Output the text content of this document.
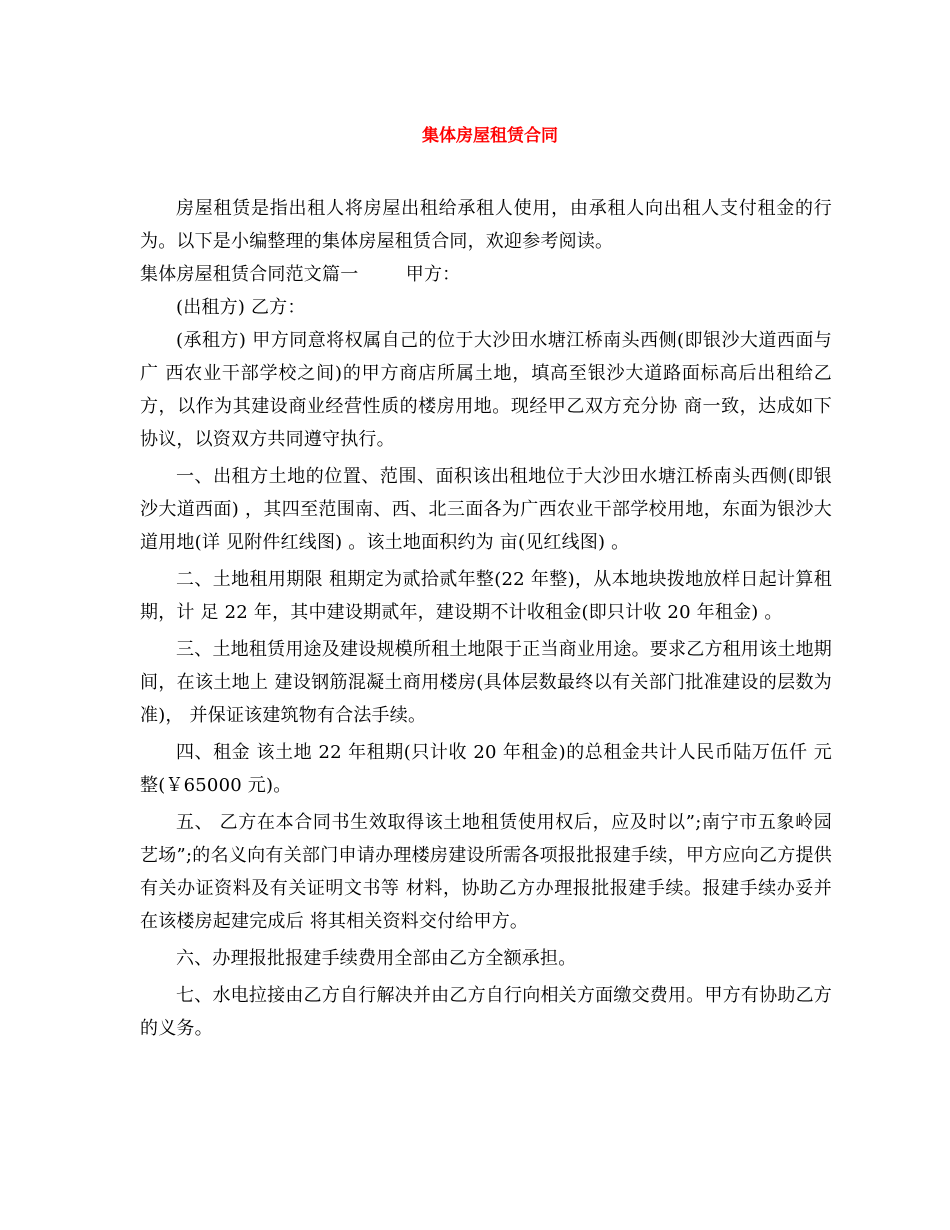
集体房屋租赁合同

房屋租赁是指出租人将房屋出租给承租人使用，由承租人向出租人支付租金的行为。以下是小编整理的集体房屋租赁合同，欢迎参考阅读。

集体房屋租赁合同范文篇一        甲方：

(出租方) 乙方：

(承租方) 甲方同意将权属自己的位于大沙田水塘江桥南头西侧(即银沙大道西面与广 西农业干部学校之间)的甲方商店所属土地，填高至银沙大道路面标高后出租给乙方，以作为其建设商业经营性质的楼房用地。现经甲乙双方充分协 商一致，达成如下协议，以资双方共同遵守执行。

一、出租方土地的位置、范围、面积该出租地位于大沙田水塘江桥南头西侧(即银沙大道西面) ，其四至范围南、西、北三面各为广西农业干部学校用地，东面为银沙大道用地(详 见附件红线图) 。该土地面积约为 亩(见红线图) 。

二、土地租用期限 租期定为贰拾贰年整(22 年整)，从本地块拨地放样日起计算租期，计 足 22 年，其中建设期贰年，建设期不计收租金(即只计收 20 年租金) 。

三、土地租赁用途及建设规模所租土地限于正当商业用途。要求乙方租用该土地期间，在该土地上 建设钢筋混凝土商用楼房(具体层数最终以有关部门批准建设的层数为准)， 并保证该建筑物有合法手续。

四、租金 该土地 22 年租期(只计收 20 年租金)的总租金共计人民币陆万伍仟 元整(￥65000 元)。

五、 乙方在本合同书生效取得该土地租赁使用权后，应及时以”;南宁市五象岭园艺场”;的名义向有关部门申请办理楼房建设所需各项报批报建手续，甲方应向乙方提供有关办证资料及有关证明文书等 材料，协助乙方办理报批报建手续。报建手续办妥并在该楼房起建完成后 将其相关资料交付给甲方。

六、办理报批报建手续费用全部由乙方全额承担。

七、水电拉接由乙方自行解决并由乙方自行向相关方面缴交费用。甲方有协助乙方的义务。
